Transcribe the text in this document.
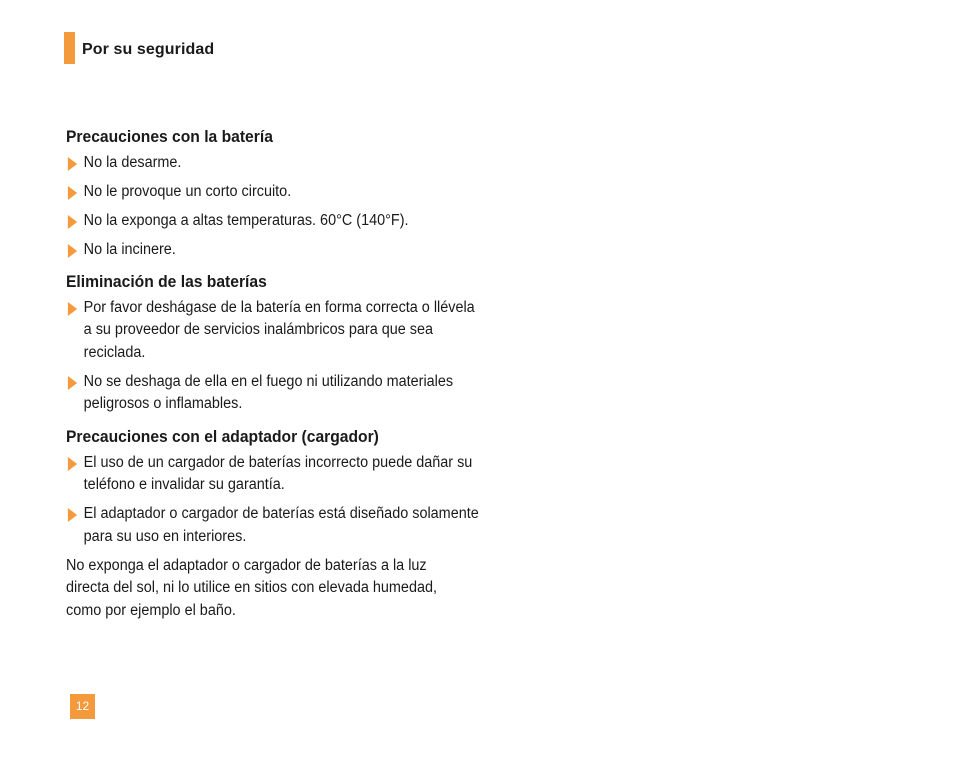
Por su seguridad
Precauciones con la batería
No la desarme.
No le provoque un corto circuito.
No la exponga a altas temperaturas. 60°C (140°F).
No la incinere.
Eliminación de las baterías
Por favor deshágase de la batería en forma correcta o llévela a su proveedor de servicios inalámbricos para que sea reciclada.
No se deshaga de ella en el fuego ni utilizando materiales peligrosos o inflamables.
Precauciones con el adaptador (cargador)
El uso de un cargador de baterías incorrecto puede dañar su teléfono e invalidar su garantía.
El adaptador o cargador de baterías está diseñado solamente para su uso en interiores.

No exponga el adaptador o cargador de baterías a la luz directa del sol, ni lo utilice en sitios con elevada humedad, como por ejemplo el baño.

12
